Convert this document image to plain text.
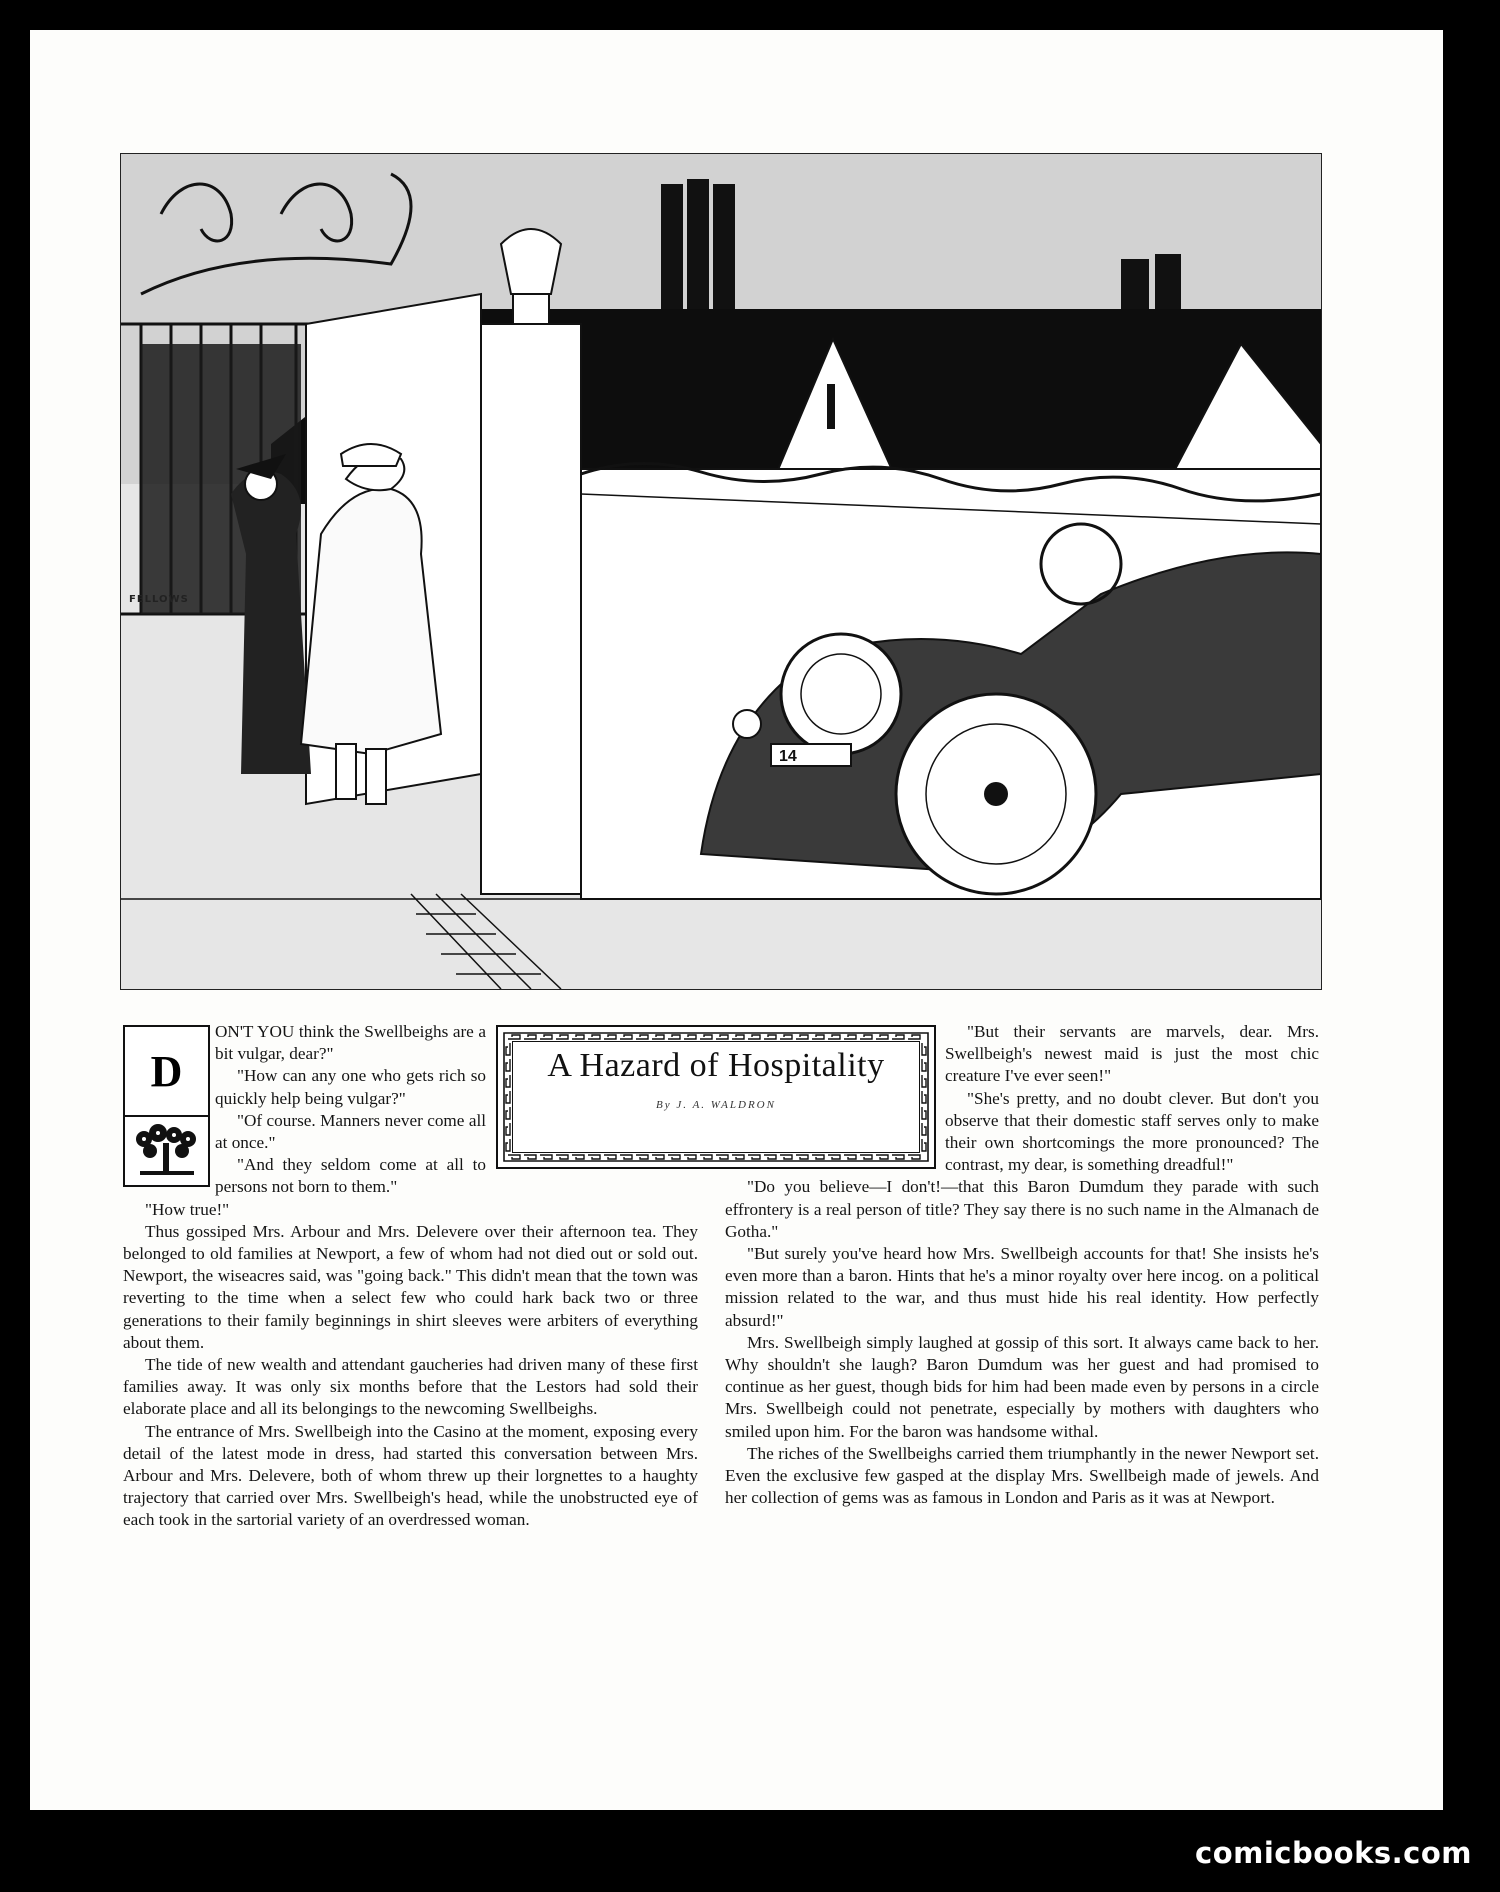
FELLOWS
14
D	A Hazard of Hospitality
By J. A. WALDRON

ON'T YOU think the Swellbeighs are a bit vulgar, dear?"

"How can any one who gets rich so quickly help being vulgar?"

"Of course. Manners never come all at once."

"And they seldom come at all to persons not born to them."

"How true!"

Thus gossiped Mrs. Arbour and Mrs. Delevere over their afternoon tea. They belonged to old families at Newport, a few of whom had not died out or sold out. Newport, the wiseacres said, was "going back." This didn't mean that the town was reverting to the time when a select few who could hark back two or three generations to their family beginnings in shirt sleeves were arbiters of everything about them.

The tide of new wealth and attendant gaucheries had driven many of these first families away. It was only six months before that the Lestors had sold their elaborate place and all its belongings to the newcoming Swellbeighs.

The entrance of Mrs. Swellbeigh into the Casino at the moment, exposing every detail of the latest mode in dress, had started this conversation between Mrs. Arbour and Mrs. Delevere, both of whom threw up their lorgnettes to a haughty trajectory that carried over Mrs. Swellbeigh's head, while the unobstructed eye of each took in the sartorial variety of an overdressed woman.

"But their servants are marvels, dear. Mrs. Swellbeigh's newest maid is just the most chic creature I've ever seen!"

"She's pretty, and no doubt clever. But don't you observe that their domestic staff serves only to make their own shortcomings the more pronounced? The contrast, my dear, is something dreadful!"

"Do you believe—I don't!—that this Baron Dumdum they parade with such effrontery is a real person of title? They say there is no such name in the Almanach de Gotha."

"But surely you've heard how Mrs. Swellbeigh accounts for that! She insists he's even more than a baron. Hints that he's a minor royalty over here incog. on a political mission related to the war, and thus must hide his real identity. How perfectly absurd!"

Mrs. Swellbeigh simply laughed at gossip of this sort. It always came back to her. Why shouldn't she laugh? Baron Dumdum was her guest and had promised to continue as her guest, though bids for him had been made even by persons in a circle Mrs. Swellbeigh could not penetrate, especially by mothers with daughters who smiled upon him. For the baron was handsome withal.

The riches of the Swellbeighs carried them triumphantly in the newer Newport set. Even the exclusive few gasped at the display Mrs. Swellbeigh made of jewels. And her collection of gems was as famous in London and Paris as it was at Newport.

comicbooks.com
